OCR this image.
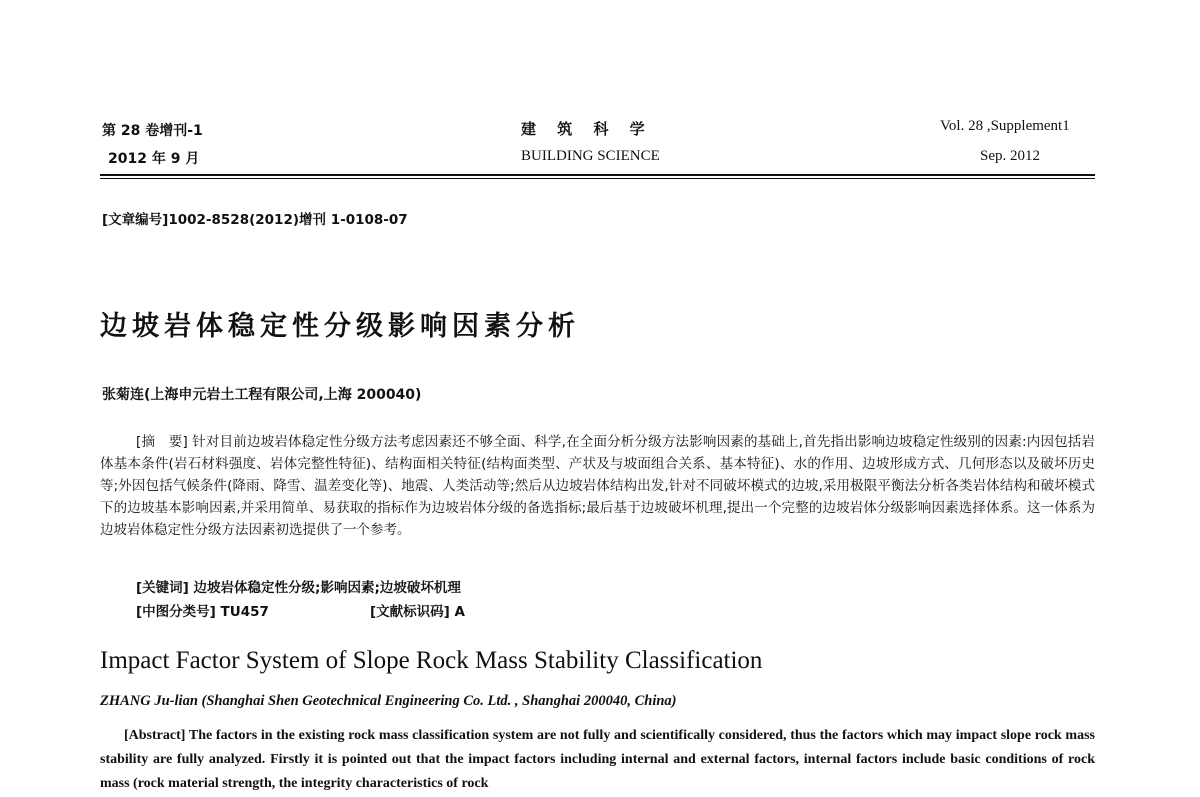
第 28 卷增刊-1
2012 年 9 月
建 筑 科 学
BUILDING SCIENCE
Vol. 28 ,Supplement1
Sep. 2012
[文章编号]1002-8528(2012)增刊 1-0108-07
边坡岩体稳定性分级影响因素分析
张菊连(上海申元岩土工程有限公司,上海 200040)
[摘　要] 针对目前边坡岩体稳定性分级方法考虑因素还不够全面、科学,在全面分析分级方法影响因素的基础上,首先指出影响边坡稳定性级别的因素:内因包括岩体基本条件(岩石材料强度、岩体完整性特征)、结构面相关特征(结构面类型、产状及与坡面组合关系、基本特征)、水的作用、边坡形成方式、几何形态以及破坏历史等;外因包括气候条件(降雨、降雪、温差变化等)、地震、人类活动等;然后从边坡岩体结构出发,针对不同破坏模式的边坡,采用极限平衡法分析各类岩体结构和破坏模式下的边坡基本影响因素,并采用简单、易获取的指标作为边坡岩体分级的备选指标;最后基于边坡破坏机理,提出一个完整的边坡岩体分级影响因素选择体系。这一体系为边坡岩体稳定性分级方法因素初选提供了一个参考。
[关键词] 边坡岩体稳定性分级;影响因素;边坡破坏机理
[中图分类号] TU457	[文献标识码] A
Impact Factor System of Slope Rock Mass Stability Classification
ZHANG Ju-lian (Shanghai Shen Geotechnical Engineering Co. Ltd. , Shanghai 200040, China)
[Abstract] The factors in the existing rock mass classification system are not fully and scientifically considered, thus the factors which may impact slope rock mass stability are fully analyzed. Firstly it is pointed out that the impact factors including internal and external factors, internal factors include basic conditions of rock mass (rock material strength, the integrity characteristics of rock
